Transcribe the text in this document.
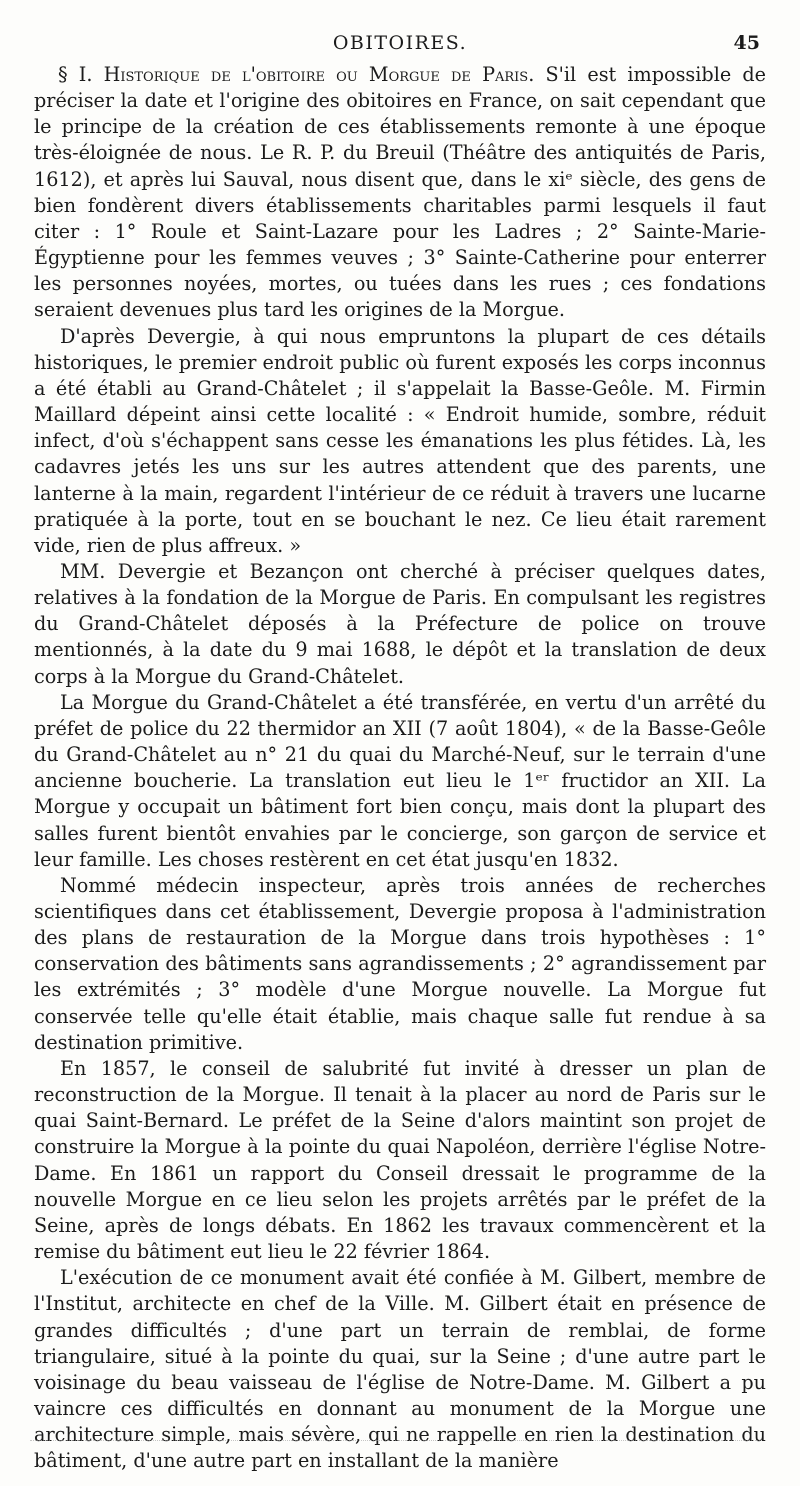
OBITOIRES.	45

§ I. Historique de l'obitoire ou Morgue de Paris. S'il est impossible de préciser la date et l'origine des obitoires en France, on sait cependant que le principe de la création de ces établissements remonte à une époque très-éloignée de nous. Le R. P. du Breuil (Théâtre des antiquités de Paris, 1612), et après lui Sauval, nous disent que, dans le xiᵉ siècle, des gens de bien fondèrent divers établissements charitables parmi lesquels il faut citer : 1° Roule et Saint-Lazare pour les Ladres ; 2° Sainte-Marie-Égyptienne pour les femmes veuves ; 3° Sainte-Catherine pour enterrer les personnes noyées, mortes, ou tuées dans les rues ; ces fondations seraient devenues plus tard les origines de la Morgue.

D'après Devergie, à qui nous empruntons la plupart de ces détails historiques, le premier endroit public où furent exposés les corps inconnus a été établi au Grand-Châtelet ; il s'appelait la Basse-Geôle. M. Firmin Maillard dépeint ainsi cette localité : « Endroit humide, sombre, réduit infect, d'où s'échappent sans cesse les émanations les plus fétides. Là, les cadavres jetés les uns sur les autres attendent que des parents, une lanterne à la main, regardent l'intérieur de ce réduit à travers une lucarne pratiquée à la porte, tout en se bouchant le nez. Ce lieu était rarement vide, rien de plus affreux. »

MM. Devergie et Bezançon ont cherché à préciser quelques dates, relatives à la fondation de la Morgue de Paris. En compulsant les registres du Grand-Châtelet déposés à la Préfecture de police on trouve mentionnés, à la date du 9 mai 1688, le dépôt et la translation de deux corps à la Morgue du Grand-Châtelet.

La Morgue du Grand-Châtelet a été transférée, en vertu d'un arrêté du préfet de police du 22 thermidor an XII (7 août 1804), « de la Basse-Geôle du Grand-Châtelet au n° 21 du quai du Marché-Neuf, sur le terrain d'une ancienne boucherie. La translation eut lieu le 1ᵉʳ fructidor an XII. La Morgue y occupait un bâtiment fort bien conçu, mais dont la plupart des salles furent bientôt envahies par le concierge, son garçon de service et leur famille. Les choses restèrent en cet état jusqu'en 1832.

Nommé médecin inspecteur, après trois années de recherches scientifiques dans cet établissement, Devergie proposa à l'administration des plans de restauration de la Morgue dans trois hypothèses : 1° conservation des bâtiments sans agrandissements ; 2° agrandissement par les extrémités ; 3° modèle d'une Morgue nouvelle. La Morgue fut conservée telle qu'elle était établie, mais chaque salle fut rendue à sa destination primitive.

En 1857, le conseil de salubrité fut invité à dresser un plan de reconstruction de la Morgue. Il tenait à la placer au nord de Paris sur le quai Saint-Bernard. Le préfet de la Seine d'alors maintint son projet de construire la Morgue à la pointe du quai Napoléon, derrière l'église Notre-Dame. En 1861 un rapport du Conseil dressait le programme de la nouvelle Morgue en ce lieu selon les projets arrêtés par le préfet de la Seine, après de longs débats. En 1862 les travaux commencèrent et la remise du bâtiment eut lieu le 22 février 1864.

L'exécution de ce monument avait été confiée à M. Gilbert, membre de l'Institut, architecte en chef de la Ville. M. Gilbert était en présence de grandes difficultés ; d'une part un terrain de remblai, de forme triangulaire, situé à la pointe du quai, sur la Seine ; d'une autre part le voisinage du beau vaisseau de l'église de Notre-Dame. M. Gilbert a pu vaincre ces difficultés en donnant au monument de la Morgue une architecture simple, mais sévère, qui ne rappelle en rien la destination du bâtiment, d'une autre part en installant de la manière
